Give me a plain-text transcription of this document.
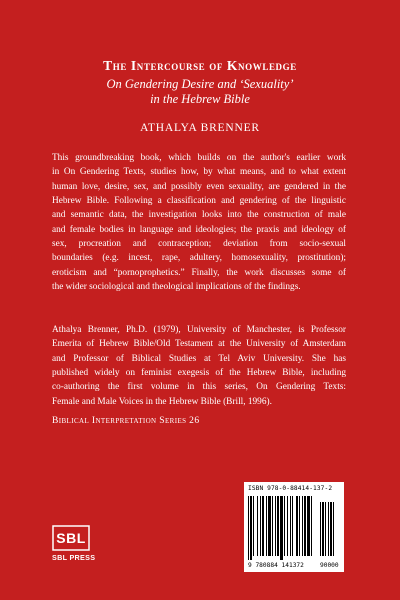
The Intercourse of Knowledge
On Gendering Desire and ‘Sexuality’
in the Hebrew Bible
ATHALYA BRENNER
This groundbreaking book, which builds on the author's earlier work
in On Gendering Texts, studies how, by what means, and to what extent
human love, desire, sex, and possibly even sexuality, are gendered in the
Hebrew Bible. Following a classification and gendering of the linguistic
and semantic data, the investigation looks into the construction of male
and female bodies in language and ideologies; the praxis and ideology of
sex, procreation and contraception; deviation from socio-sexual
boundaries (e.g. incest, rape, adultery, homosexuality, prostitution);
eroticism and “pornoprophetics.” Finally, the work discusses some of
the wider sociological and theological implications of the findings.
Athalya Brenner, Ph.D. (1979), University of Manchester, is Professor
Emerita of Hebrew Bible/Old Testament at the University of Amsterdam
and Professor of Biblical Studies at Tel Aviv University. She has
published widely on feminist exegesis of the Hebrew Bible, including
co-authoring the first volume in this series, On Gendering Texts:
Female and Male Voices in the Hebrew Bible (Brill, 1996).
Biblical Interpretation Series 26
SBL
SBL PRESS
ISBN 978-0-88414-137-2
9 780884 141372	90000
